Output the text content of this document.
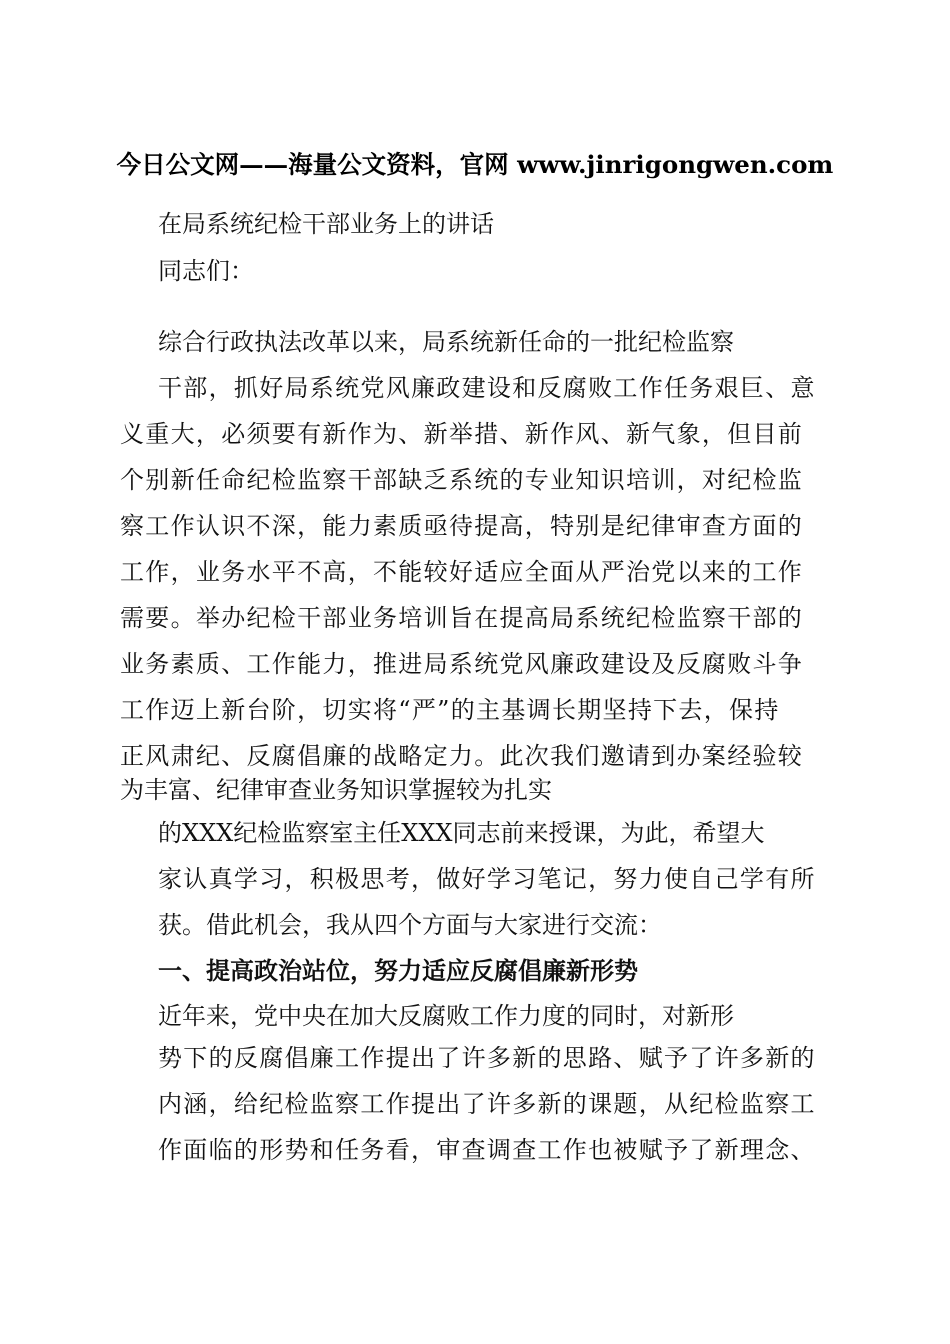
今日公文网——海量公文资料，官网 www.jinrigongwen.com
在局系统纪检干部业务上的讲话
同志们：
综合行政执法改革以来，局系统新任命的一批纪检监察
干部，抓好局系统党风廉政建设和反腐败工作任务艰巨、意
义重大，必须要有新作为、新举措、新作风、新气象，但目前
个别新任命纪检监察干部缺乏系统的专业知识培训，对纪检监
察工作认识不深，能力素质亟待提高，特别是纪律审查方面的
工作，业务水平不高，不能较好适应全面从严治党以来的工作
需要。举办纪检干部业务培训旨在提高局系统纪检监察干部的
业务素质、工作能力，推进局系统党风廉政建设及反腐败斗争
工作迈上新台阶，切实将“严”的主基调长期坚持下去，保持
正风肃纪、反腐倡廉的战略定力。此次我们邀请到办案经验较
为丰富、纪律审查业务知识掌握较为扎实
的XXX纪检监察室主任XXX同志前来授课，为此，希望大
家认真学习，积极思考，做好学习笔记，努力使自己学有所
获。借此机会，我从四个方面与大家进行交流：
一、提高政治站位，努力适应反腐倡廉新形势
近年来，党中央在加大反腐败工作力度的同时，对新形
势下的反腐倡廉工作提出了许多新的思路、赋予了许多新的
内涵，给纪检监察工作提出了许多新的课题，从纪检监察工
作面临的形势和任务看，审查调查工作也被赋予了新理念、
